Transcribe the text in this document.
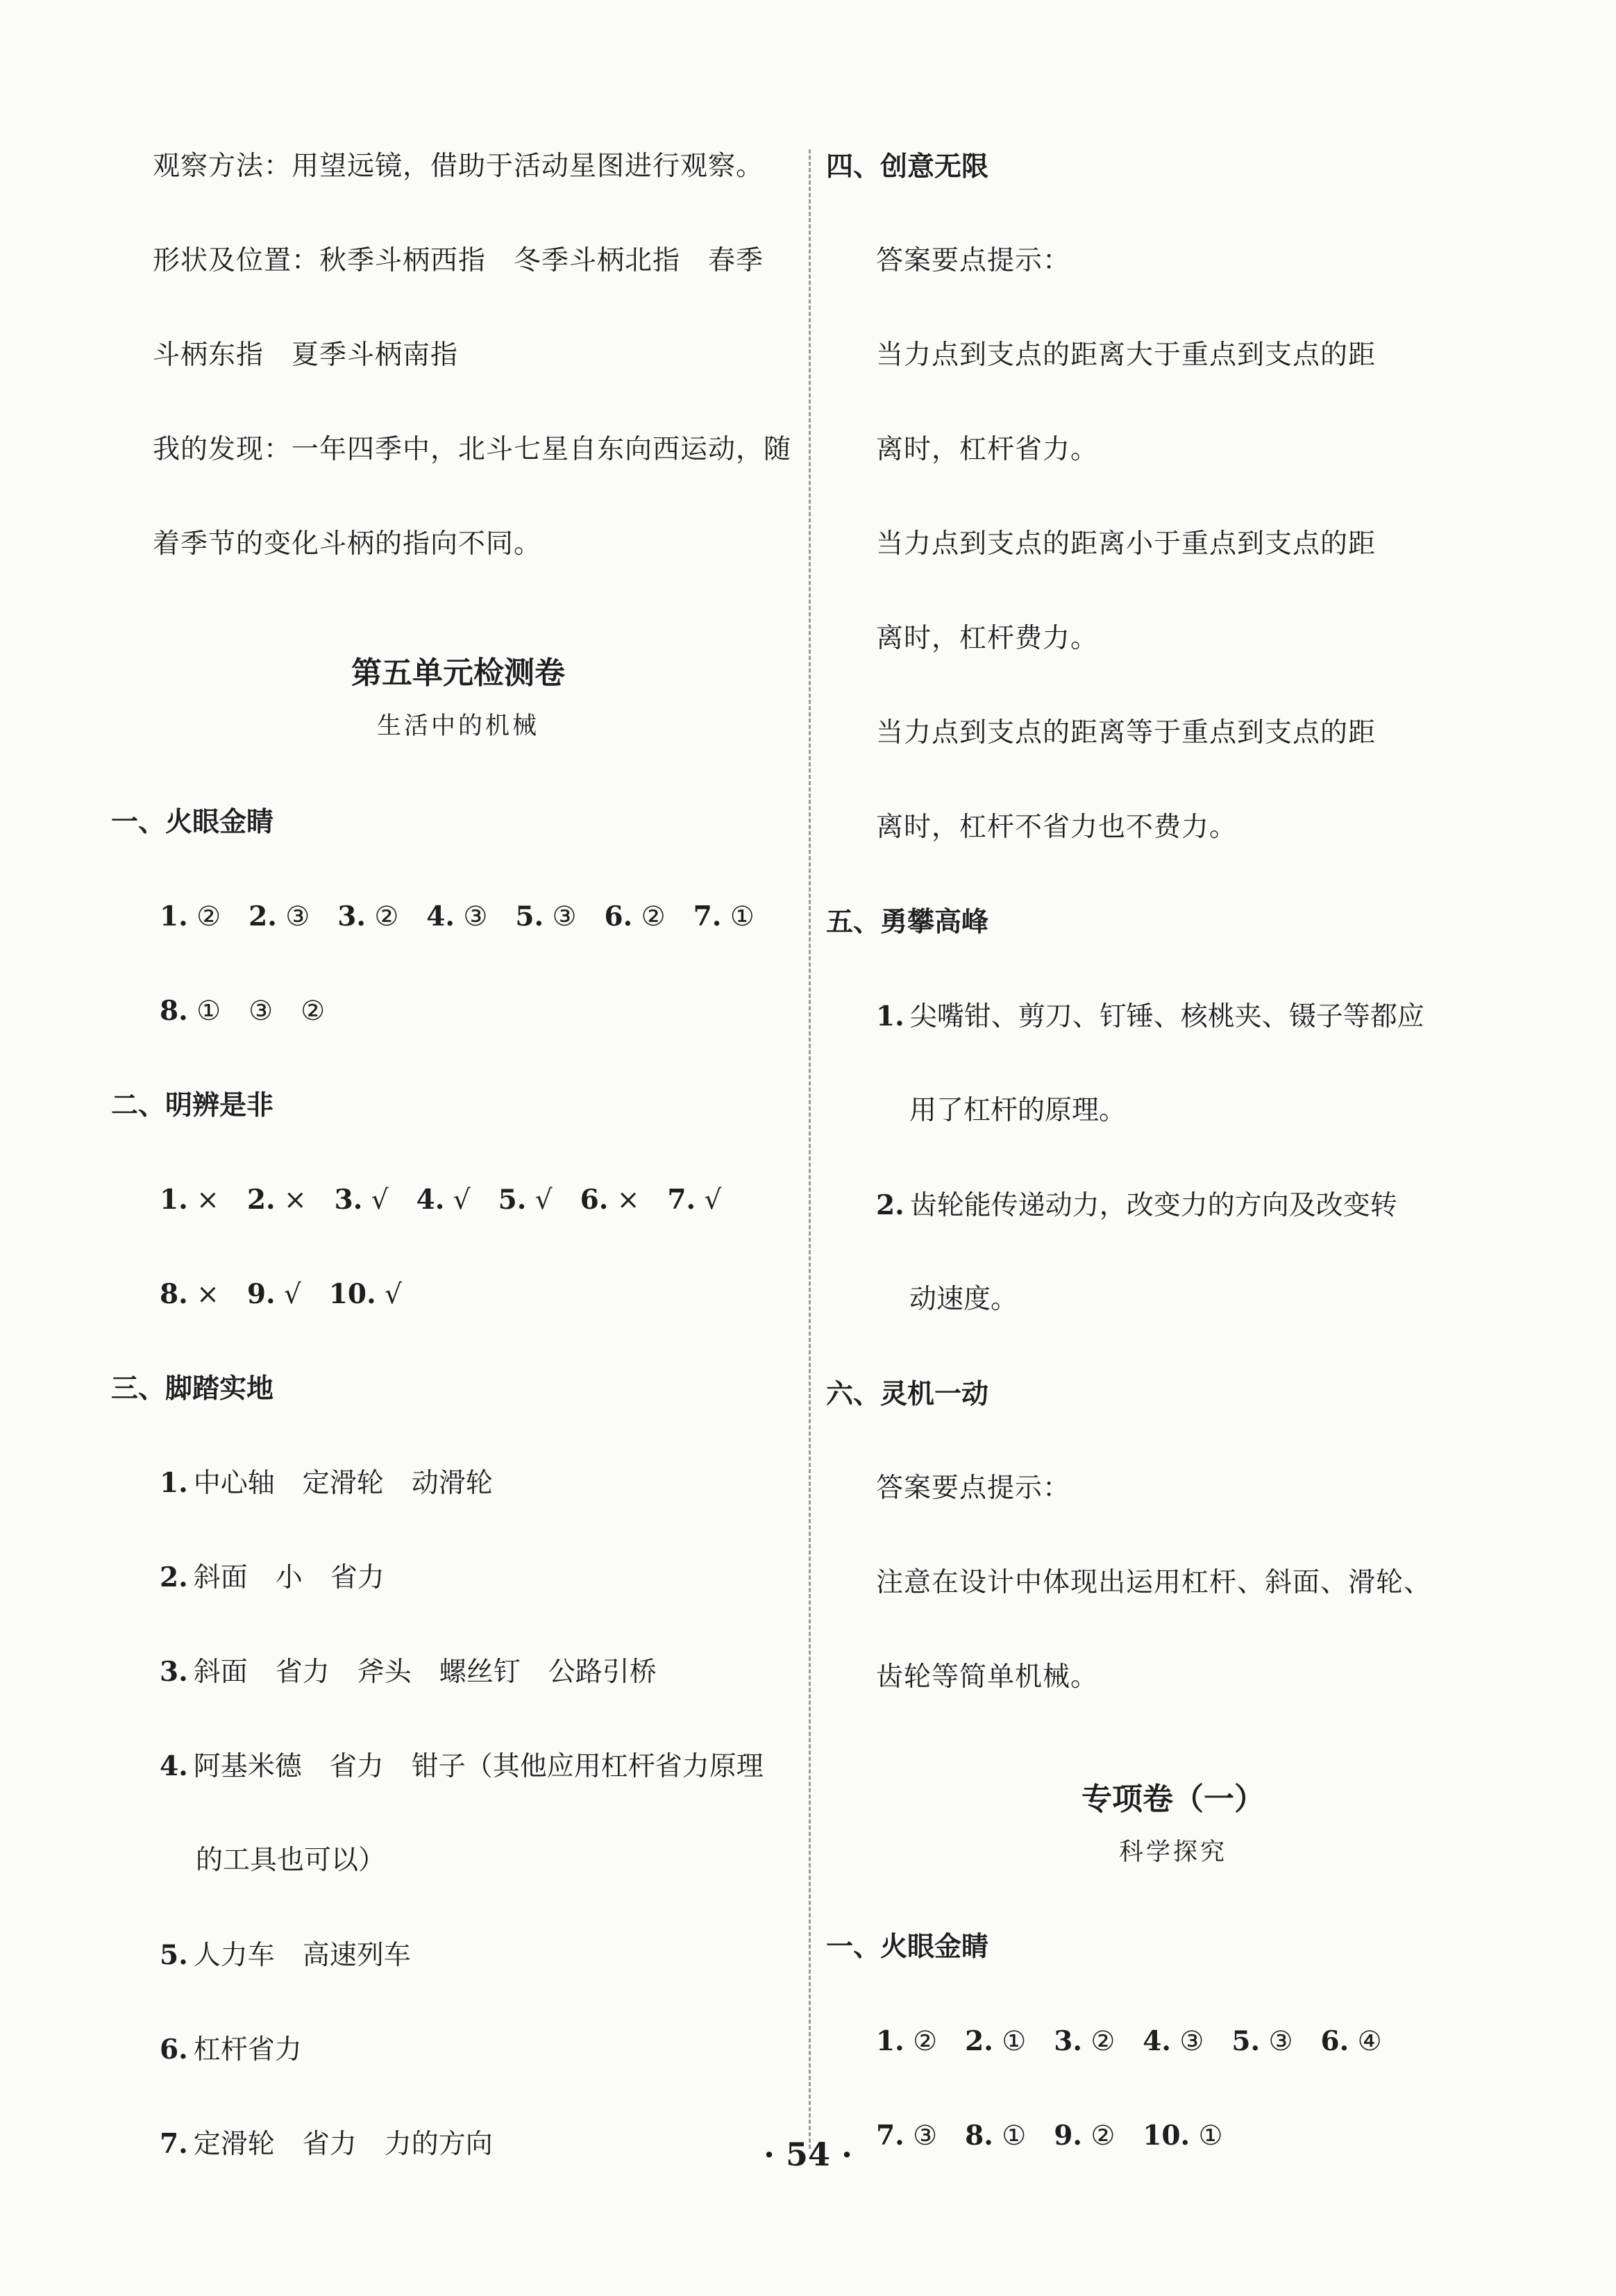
观察方法：用望远镜，借助于活动星图进行观察。
形状及位置：秋季斗柄西指　冬季斗柄北指　春季
斗柄东指　夏季斗柄南指
我的发现：一年四季中，北斗七星自东向西运动，随
着季节的变化斗柄的指向不同。
第五单元检测卷
生活中的机械
一、火眼金睛
1. ② 2. ③ 3. ② 4. ③ 5. ③ 6. ② 7. ①
8. ① ③ ②
二、明辨是非
1. × 2. × 3. √ 4. √ 5. √ 6. × 7. √
8. × 9. √ 10. √
三、脚踏实地
1. 中心轴 定滑轮 动滑轮
2. 斜面 小 省力
3. 斜面 省力 斧头 螺丝钉 公路引桥
4. 阿基米德 省力 钳子（其他应用杠杆省力原理
的工具也可以）
5. 人力车 高速列车
6. 杠杆省力
7. 定滑轮 省力 力的方向
四、创意无限
答案要点提示：
当力点到支点的距离大于重点到支点的距
离时，杠杆省力。
当力点到支点的距离小于重点到支点的距
离时，杠杆费力。
当力点到支点的距离等于重点到支点的距
离时，杠杆不省力也不费力。
五、勇攀高峰
1. 尖嘴钳、剪刀、钉锤、核桃夹、镊子等都应
用了杠杆的原理。
2. 齿轮能传递动力，改变力的方向及改变转
动速度。
六、灵机一动
答案要点提示：
注意在设计中体现出运用杠杆、斜面、滑轮、
齿轮等简单机械。
专项卷（一）
科学探究
一、火眼金睛
1. ② 2. ① 3. ② 4. ③ 5. ③ 6. ④
7. ③ 8. ① 9. ② 10. ①
· 54 ·
